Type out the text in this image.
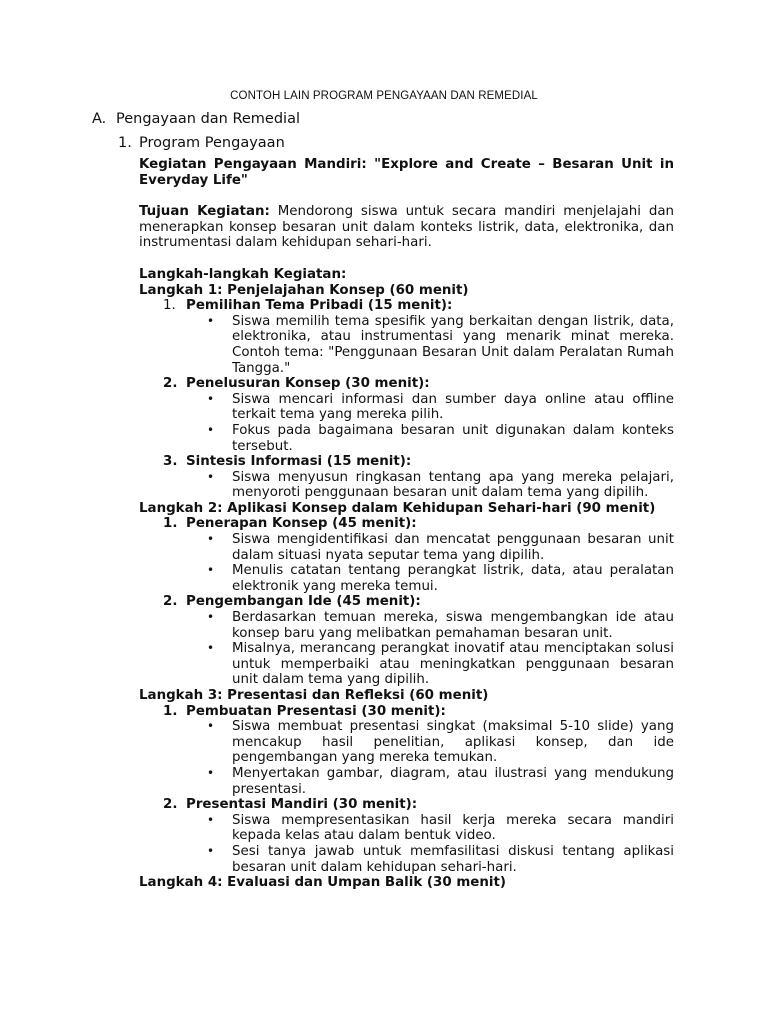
CONTOH LAIN PROGRAM PENGAYAAN DAN REMEDIAL
A. Pengayaan dan Remedial
1. Program Pengayaan

Kegiatan Pengayaan Mandiri: "Explore and Create – Besaran Unit in Everyday Life"

Tujuan Kegiatan: Mendorong siswa untuk secara mandiri menjelajahi dan menerapkan konsep besaran unit dalam konteks listrik, data, elektronika, dan instrumentasi dalam kehidupan sehari-hari.

Langkah-langkah Kegiatan:

Langkah 1: Penjelajahan Konsep (60 menit)

1. Pemilihan Tema Pribadi (15 menit):
• Siswa memilih tema spesifik yang berkaitan dengan listrik, data, elektronika, atau instrumentasi yang menarik minat mereka. Contoh tema: "Penggunaan Besaran Unit dalam Peralatan Rumah Tangga."
2. Penelusuran Konsep (30 menit):
• Siswa mencari informasi dan sumber daya online atau offline terkait tema yang mereka pilih.
• Fokus pada bagaimana besaran unit digunakan dalam konteks tersebut.
3. Sintesis Informasi (15 menit):
• Siswa menyusun ringkasan tentang apa yang mereka pelajari, menyoroti penggunaan besaran unit dalam tema yang dipilih.

Langkah 2: Aplikasi Konsep dalam Kehidupan Sehari-hari (90 menit)

1. Penerapan Konsep (45 menit):
• Siswa mengidentifikasi dan mencatat penggunaan besaran unit dalam situasi nyata seputar tema yang dipilih.
• Menulis catatan tentang perangkat listrik, data, atau peralatan elektronik yang mereka temui.
2. Pengembangan Ide (45 menit):
• Berdasarkan temuan mereka, siswa mengembangkan ide atau konsep baru yang melibatkan pemahaman besaran unit.
• Misalnya, merancang perangkat inovatif atau menciptakan solusi untuk memperbaiki atau meningkatkan penggunaan besaran unit dalam tema yang dipilih.

Langkah 3: Presentasi dan Refleksi (60 menit)

1. Pembuatan Presentasi (30 menit):
• Siswa membuat presentasi singkat (maksimal 5-10 slide) yang mencakup hasil penelitian, aplikasi konsep, dan ide pengembangan yang mereka temukan.
• Menyertakan gambar, diagram, atau ilustrasi yang mendukung presentasi.
2. Presentasi Mandiri (30 menit):
• Siswa mempresentasikan hasil kerja mereka secara mandiri kepada kelas atau dalam bentuk video.
• Sesi tanya jawab untuk memfasilitasi diskusi tentang aplikasi besaran unit dalam kehidupan sehari-hari.

Langkah 4: Evaluasi dan Umpan Balik (30 menit)
